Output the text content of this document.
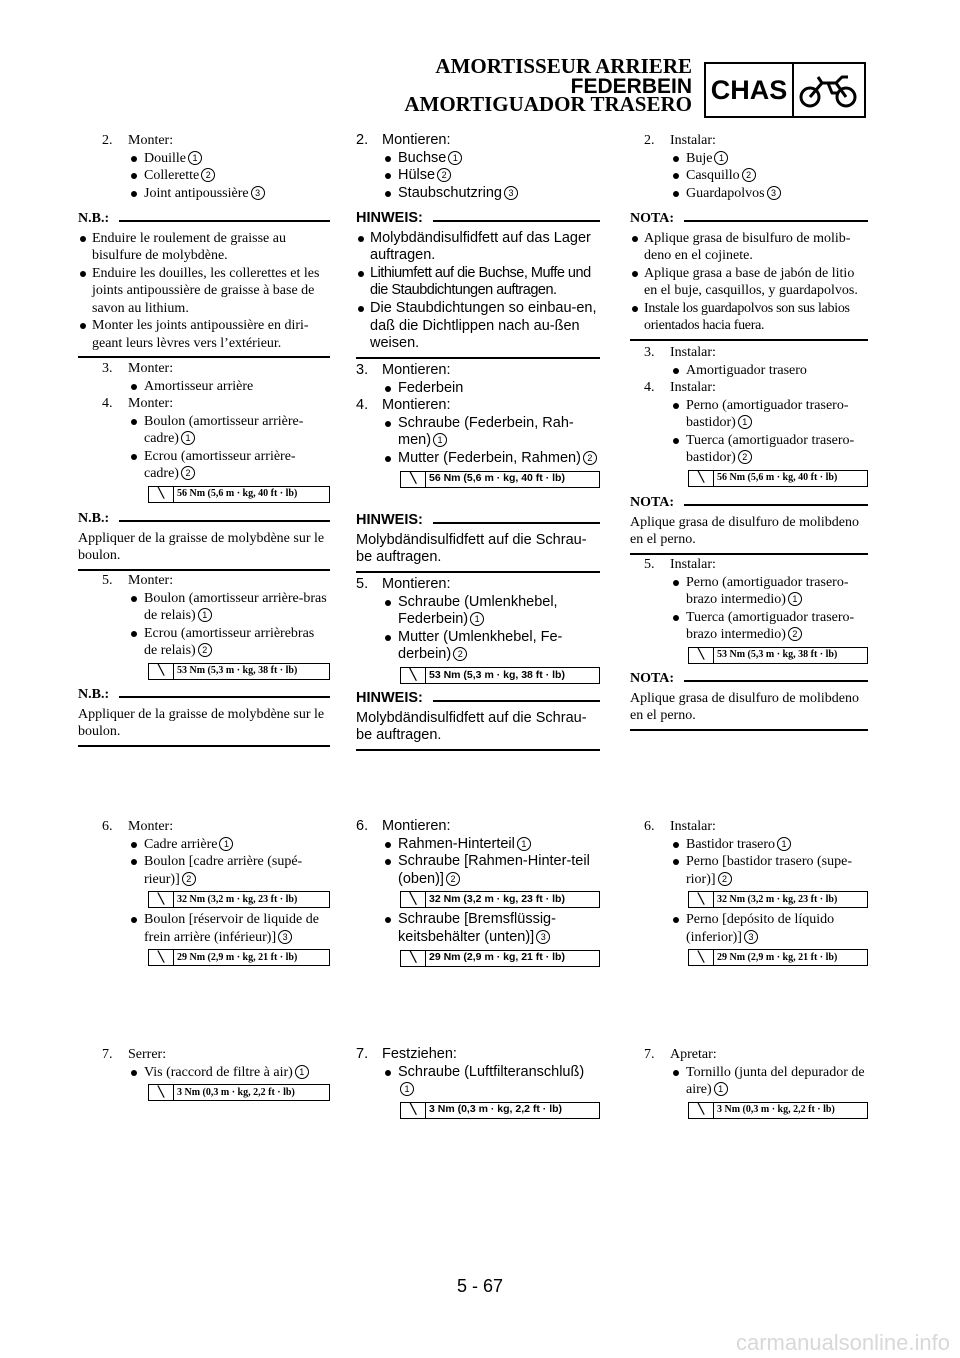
AMORTISSEUR ARRIERE
FEDERBEIN
AMORTIGUADOR TRASERO CHAS
2.	Monter:
Douille 1
Collerette 2
Joint antipoussière 3
N.B.:
Enduire le roulement de graisse au bisulfure de molybdène.
Enduire les douilles, les collerettes et les joints antipoussière de graisse à base de savon au lithium.
Monter les joints antipoussière en diri-geant leurs lèvres vers l’extérieur.
3.	Monter:
Amortisseur arrière
4.	Monter:
Boulon (amortisseur arrière-cadre) 1
Ecrou (amortisseur arrière-cadre) 2
╲	56 Nm (5,6 m · kg, 40 ft · lb)
N.B.:
Appliquer de la graisse de molybdène sur le boulon.
5.	Monter:
Boulon (amortisseur arrière-bras de relais) 1
Ecrou (amortisseur arrièrebras de relais) 2
╲	53 Nm (5,3 m · kg, 38 ft · lb)
N.B.:
Appliquer de la graisse de molybdène sur le boulon.
6.	Monter:
Cadre arrière 1
Boulon [cadre arrière (supé-rieur)] 2
╲	32 Nm (3,2 m · kg, 23 ft · lb)
Boulon [réservoir de liquide de frein arrière (inférieur)] 3
╲	29 Nm (2,9 m · kg, 21 ft · lb)
7.	Serrer:
Vis (raccord de filtre à air) 1
╲	3 Nm (0,3 m · kg, 2,2 ft · lb)
2. Montieren:
Buchse 1
Hülse 2
Staubschutzring 3
HINWEIS:
Molybdändisulfidfett auf das Lager auftragen.
Lithiumfett auf die Buchse, Muffe und die Staubdichtungen auftragen.
Die Staubdichtungen so einbau-en, daß die Dichtlippen nach au-ßen weisen.
3. Montieren:
Federbein
4. Montieren:
Schraube (Federbein, Rah-men) 1
Mutter (Federbein, Rahmen) 2
╲	56 Nm (5,6 m · kg, 40 ft · lb)
HINWEIS:
Molybdändisulfidfett auf die Schrau-be auftragen.
5. Montieren:
Schraube (Umlenkhebel, Federbein) 1
Mutter (Umlenkhebel, Fe-derbein) 2
╲	53 Nm (5,3 m · kg, 38 ft · lb)
HINWEIS:
Molybdändisulfidfett auf die Schrau-be auftragen.
6. Montieren:
Rahmen-Hinterteil 1
Schraube [Rahmen-Hinter-teil (oben)] 2
╲	32 Nm (3,2 m · kg, 23 ft · lb)
Schraube [Bremsflüssig-keitsbehälter (unten)] 3
╲	29 Nm (2,9 m · kg, 21 ft · lb)
7. Festziehen:
Schraube (Luftfilteranschluß)1
╲	3 Nm (0,3 m · kg, 2,2 ft · lb)
2.	Instalar:
Buje 1
Casquillo 2
Guardapolvos 3
NOTA:
Aplique grasa de bisulfuro de molib-deno en el cojinete.
Aplique grasa a base de jabón de litio en el buje, casquillos, y guardapolvos.
Instale los guardapolvos son sus labios orientados hacia fuera.
3.	Instalar:
Amortiguador trasero
4.	Instalar:
Perno (amortiguador trasero-bastidor) 1
Tuerca (amortiguador trasero-bastidor) 2
╲	56 Nm (5,6 m · kg, 40 ft · lb)
NOTA:
Aplique grasa de disulfuro de molibdeno en el perno.
5.	Instalar:
Perno (amortiguador trasero-brazo intermedio) 1
Tuerca (amortiguador trasero-brazo intermedio) 2
╲	53 Nm (5,3 m · kg, 38 ft · lb)
NOTA:
Aplique grasa de disulfuro de molibdeno en el perno.
6.	Instalar:
Bastidor trasero 1
Perno [bastidor trasero (supe-rior)] 2
╲	32 Nm (3,2 m · kg, 23 ft · lb)
Perno [depósito de líquido (inferior)] 3
╲	29 Nm (2,9 m · kg, 21 ft · lb)
7.	Apretar:
Tornillo (junta del depurador de aire) 1
╲	3 Nm (0,3 m · kg, 2,2 ft · lb)
5 - 67
carmanualsonline.info
